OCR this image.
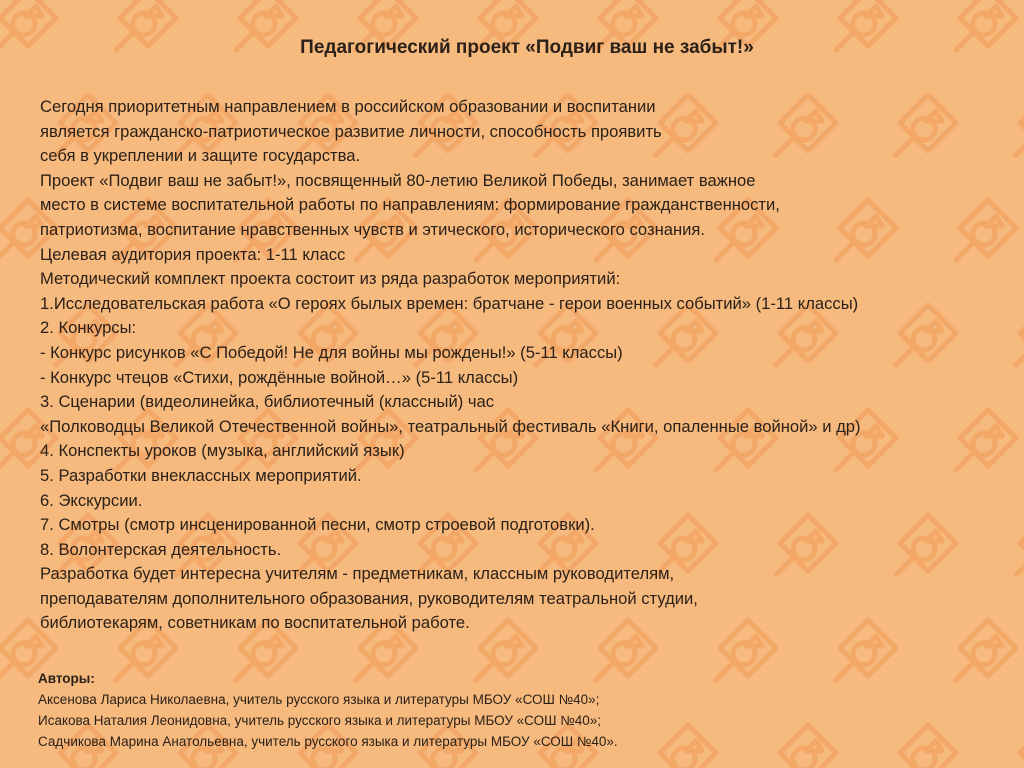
Педагогический проект «Подвиг ваш не забыт!»
Сегодня приоритетным направлением в российском образовании и воспитании
является гражданско-патриотическое развитие личности, способность проявить
себя в укреплении и защите государства.
Проект «Подвиг ваш не забыт!», посвященный 80-летию Великой Победы, занимает важное
место в системе воспитательной работы по направлениям: формирование гражданственности,
патриотизма, воспитание нравственных чувств и этического, исторического сознания.
Целевая аудитория проекта: 1-11 класс
Методический комплект проекта состоит из ряда разработок мероприятий:
1.Исследовательская работа «О героях былых времен: братчане - герои военных событий» (1-11 классы)
2. Конкурсы:
- Конкурс рисунков «С Победой! Не для войны мы рождены!» (5-11 классы)
- Конкурс чтецов «Стихи, рождённые войной…» (5-11 классы)
3. Сценарии (видеолинейка, библиотечный (классный) час
«Полководцы Великой Отечественной войны», театральный фестиваль «Книги, опаленные войной» и др)
4. Конспекты уроков (музыка, английский язык)
5. Разработки внеклассных мероприятий.
6. Экскурсии.
7. Смотры (смотр инсценированной песни, смотр строевой подготовки).
8. Волонтерская деятельность.
Разработка будет интересна учителям - предметникам, классным руководителям,
преподавателям дополнительного образования, руководителям театральной студии,
библиотекарям, советникам по воспитательной работе.
Авторы:
Аксенова Лариса Николаевна, учитель русского языка и литературы МБОУ «СОШ №40»;
Исакова Наталия Леонидовна, учитель русского языка и литературы МБОУ «СОШ №40»;
Садчикова Марина Анатольевна, учитель русского языка и литературы МБОУ «СОШ №40».
